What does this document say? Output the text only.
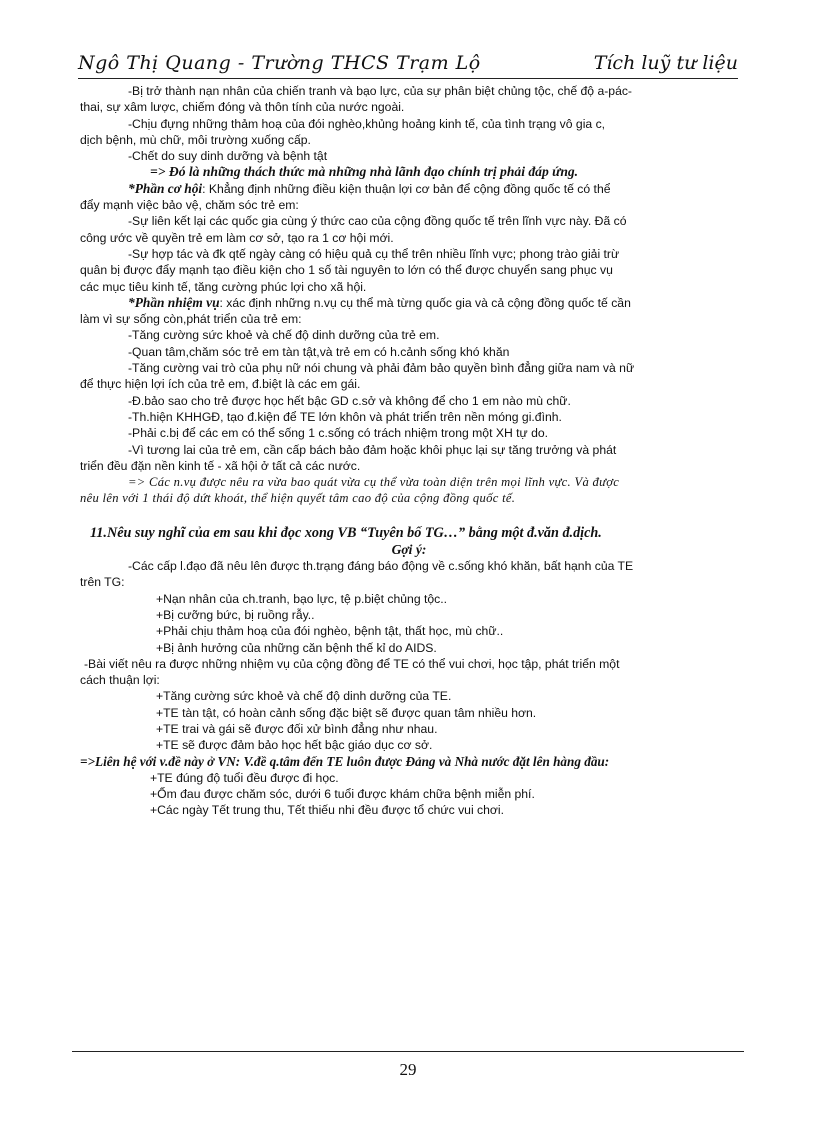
Ngô Thị Quang - Trường THCS Trạm Lộ	Tích luỹ tư liệu
-Bị trở thành nạn nhân của chiến tranh và bạo lực, của sự phân biệt chủng tộc, chế độ a-pác-
thai, sự xâm lược, chiếm đóng và thôn tính của nước ngoài.
-Chịu đựng những thảm hoạ của đói nghèo,khủng hoảng kinh tế, của tình trạng vô gia c,
dịch bệnh, mù chữ, môi trường xuống cấp.
-Chết do suy dinh dưỡng và bệnh tật
=> Đó là những thách thức mà những nhà lãnh đạo chính trị phải đáp ứng.
*Phần cơ hội: Khẳng định những điều kiện thuận lợi cơ bản để cộng đồng quốc tế có thể
đẩy mạnh việc bảo vệ, chăm sóc trẻ em:
-Sự liên kết lại các quốc gia cùng ý thức cao của cộng đồng quốc tế trên lĩnh vực này. Đã có
công ước về quyền trẻ em làm cơ sở, tạo ra 1 cơ hội mới.
-Sự hợp tác và đk qtế ngày càng có hiệu quả cụ thể trên nhiều lĩnh vực; phong trào giải trừ
quân bị được đẩy mạnh tạo điều kiện cho 1 số tài nguyên to lớn có thể được chuyển sang phục vụ
các mục tiêu kinh tế, tăng cường phúc lợi cho xã hội.
*Phần nhiệm vụ: xác định những n.vụ cụ thể mà từng quốc gia và cả cộng đồng quốc tế cần
làm vì sự sống còn,phát triển của trẻ em:
-Tăng cường sức khoẻ và chế độ dinh dưỡng của trẻ em.
-Quan tâm,chăm sóc trẻ em tàn tật,và trẻ em có h.cảnh sống khó khăn
-Tăng cường vai trò của phụ nữ nói chung và phải đảm bảo quyền bình đẳng giữa nam và nữ
để thực hiện lợi ích của trẻ em, đ.biệt là các em gái.
-Đ.bảo sao cho trẻ được học hết bậc GD c.sở và không để cho 1 em nào mù chữ.
-Th.hiện KHHGĐ, tạo đ.kiện để TE lớn khôn và phát triển trên nền móng gi.đình.
-Phải c.bị để các em có thể sống 1 c.sống có trách nhiệm trong một XH tự do.
-Vì tương lai của trẻ em, cần cấp bách bảo đảm hoặc khôi phục lại sự tăng trưởng và phát
triển đều đặn nền kinh tế - xã hội ở tất cả các nước.
=> Các n.vụ được nêu ra vừa bao quát vừa cụ thể vừa toàn diện trên mọi lĩnh vực. Và được
nêu lên với 1 thái độ dứt khoát, thể hiện quyết tâm cao độ của cộng đồng quốc tế.
11.Nêu suy nghĩ của em sau khi đọc xong VB “Tuyên bố TG…” bằng một đ.văn đ.dịch.
Gợi ý:
-Các cấp l.đạo đã nêu lên được th.trạng đáng báo động về c.sống khó khăn, bất hạnh của TE
trên TG:
+Nạn nhân của ch.tranh, bạo lực, tệ p.biệt chủng tộc..
+Bị cưỡng bức, bị ruồng rẫy..
+Phải chịu thảm hoạ của đói nghèo, bệnh tật, thất học, mù chữ..
+Bị ảnh hưởng của những căn bệnh thế kỉ do AIDS.
-Bài viết nêu ra được những nhiệm vụ của cộng đồng để TE có thể vui chơi, học tập, phát triển một
cách thuận lợi:
+Tăng cường sức khoẻ và chế độ dinh dưỡng của TE.
+TE tàn tật, có hoàn cảnh sống đặc biệt sẽ được quan tâm nhiều hơn.
+TE trai và gái sẽ được đối xử bình đẳng như nhau.
+TE sẽ được đảm bảo học hết bậc giáo dục cơ sở.
=>Liên hệ với v.đề này ở VN: V.đề q.tâm đến TE luôn được Đảng và Nhà nước đặt lên hàng đầu:
+TE đúng độ tuổi đều được đi học.
+Ốm đau được chăm sóc, dưới 6 tuổi được khám chữa bệnh miễn phí.
+Các ngày Tết trung thu, Tết thiếu nhi đều được tổ chức vui chơi.
29
